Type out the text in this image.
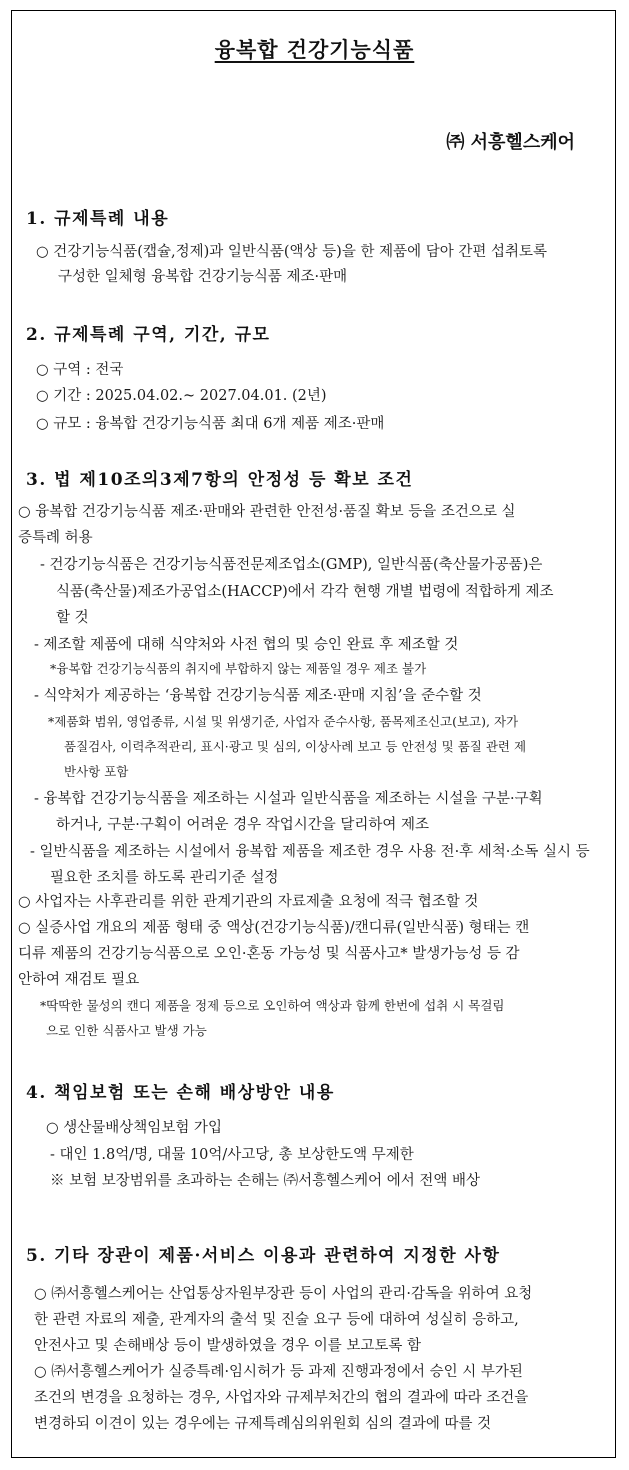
융복합 건강기능식품
㈜ 서흥헬스케어
1. 규제특례 내용
○ 건강기능식품(캡슐,정제)과 일반식품(액상 등)을 한 제품에 담아 간편 섭취토록
구성한 일체형 융복합 건강기능식품 제조·판매
2. 규제특례 구역, 기간, 규모
○ 구역 : 전국
○ 기간 : 2025.04.02.~ 2027.04.01. (2년)
○ 규모 : 융복합 건강기능식품 최대 6개 제품 제조·판매
3. 법 제10조의3제7항의 안정성 등 확보 조건
○ 융복합 건강기능식품 제조·판매와 관련한 안전성·품질 확보 등을 조건으로 실
증특례 허용
- 건강기능식품은 건강기능식품전문제조업소(GMP), 일반식품(축산물가공품)은
식품(축산물)제조가공업소(HACCP)에서 각각 현행 개별 법령에 적합하게 제조
할 것
- 제조할 제품에 대해 식약처와 사전 협의 및 승인 완료 후 제조할 것
*융복합 건강기능식품의 취지에 부합하지 않는 제품일 경우 제조 불가
- 식약처가 제공하는 ‘융복합 건강기능식품 제조·판매 지침’을 준수할 것
*제품화 범위, 영업종류, 시설 및 위생기준, 사업자 준수사항, 품목제조신고(보고), 자가
품질검사, 이력추적관리, 표시·광고 및 심의, 이상사례 보고 등 안전성 및 품질 관련 제
반사항 포함
- 융복합 건강기능식품을 제조하는 시설과 일반식품을 제조하는 시설을 구분·구획
하거나, 구분·구획이 어려운 경우 작업시간을 달리하여 제조
- 일반식품을 제조하는 시설에서 융복합 제품을 제조한 경우 사용 전·후 세척·소독 실시 등
필요한 조치를 하도록 관리기준 설정
○ 사업자는 사후관리를 위한 관계기관의 자료제출 요청에 적극 협조할 것
○ 실증사업 개요의 제품 형태 중 액상(건강기능식품)/캔디류(일반식품) 형태는 캔
디류 제품의 건강기능식품으로 오인·혼동 가능성 및 식품사고* 발생가능성 등 감
안하여 재검토 필요
*딱딱한 물성의 캔디 제품을 정제 등으로 오인하여 액상과 함께 한번에 섭취 시 목걸림
으로 인한 식품사고 발생 가능
4. 책임보험 또는 손해 배상방안 내용
○ 생산물배상책임보험 가입
- 대인 1.8억/명, 대물 10억/사고당, 총 보상한도액 무제한
※ 보험 보장범위를 초과하는 손해는 ㈜서흥헬스케어 에서 전액 배상
5. 기타 장관이 제품·서비스 이용과 관련하여 지정한 사항
○ ㈜서흥헬스케어는 산업통상자원부장관 등이 사업의 관리·감독을 위하여 요청
한 관련 자료의 제출, 관계자의 출석 및 진술 요구 등에 대하여 성실히 응하고,
안전사고 및 손해배상 등이 발생하였을 경우 이를 보고토록 함
○ ㈜서흥헬스케어가 실증특례·임시허가 등 과제 진행과정에서 승인 시 부가된
조건의 변경을 요청하는 경우, 사업자와 규제부처간의 협의 결과에 따라 조건을
변경하되 이견이 있는 경우에는 규제특례심의위원회 심의 결과에 따를 것
